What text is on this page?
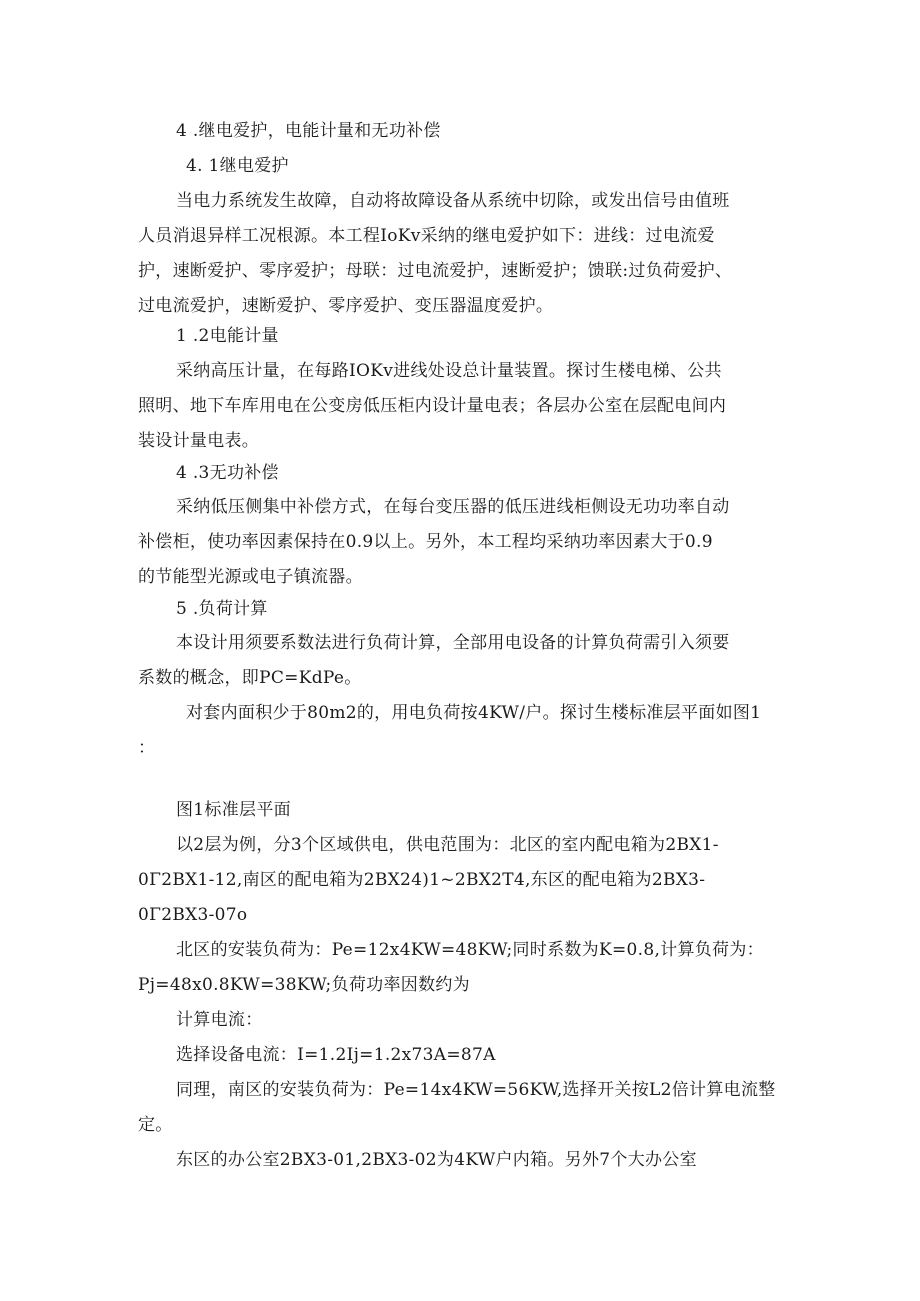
4 .继电爱护，电能计量和无功补偿

4. 1继电爱护

当电力系统发生故障，自动将故障设备从系统中切除，或发出信号由值班

人员消退异样工况根源。本工程IoKv采纳的继电爱护如下：进线：过电流爱

护，速断爱护、零序爱护；母联：过电流爱护，速断爱护；馈联:过负荷爱护、

过电流爱护，速断爱护、零序爱护、变压器温度爱护。

1 .2电能计量

采纳高压计量，在每路IOKv进线处设总计量装置。探讨生楼电梯、公共

照明、地下车库用电在公变房低压柜内设计量电表；各层办公室在层配电间内

装设计量电表。

4 .3无功补偿

采纳低压侧集中补偿方式，在每台变压器的低压进线柜侧设无功功率自动

补偿柜，使功率因素保持在0.9以上。另外，本工程均采纳功率因素大于0.9

的节能型光源或电子镇流器。

5 .负荷计算

本设计用须要系数法进行负荷计算，全部用电设备的计算负荷需引入须要

系数的概念，即PC=KdPe。

对套内面积少于80m2的，用电负荷按4KW/户。探讨生楼标准层平面如图1

：

图1标准层平面

以2层为例，分3个区域供电，供电范围为：北区的室内配电箱为2BX1-

0Γ2BX1-12,南区的配电箱为2BX24)1~2BX2T4,东区的配电箱为2BX3-

0Γ2BX3-07o

北区的安装负荷为：Pe=12x4KW=48KW;同时系数为K=0.8,计算负荷为：

Pj=48x0.8KW=38KW;负荷功率因数约为

计算电流：

选择设备电流：I=1.2Ij=1.2x73A=87A

同理，南区的安装负荷为：Pe=14x4KW=56KW,选择开关按L2倍计算电流整

定。

东区的办公室2BX3-01,2BX3-02为4KW户内箱。另外7个大办公室
